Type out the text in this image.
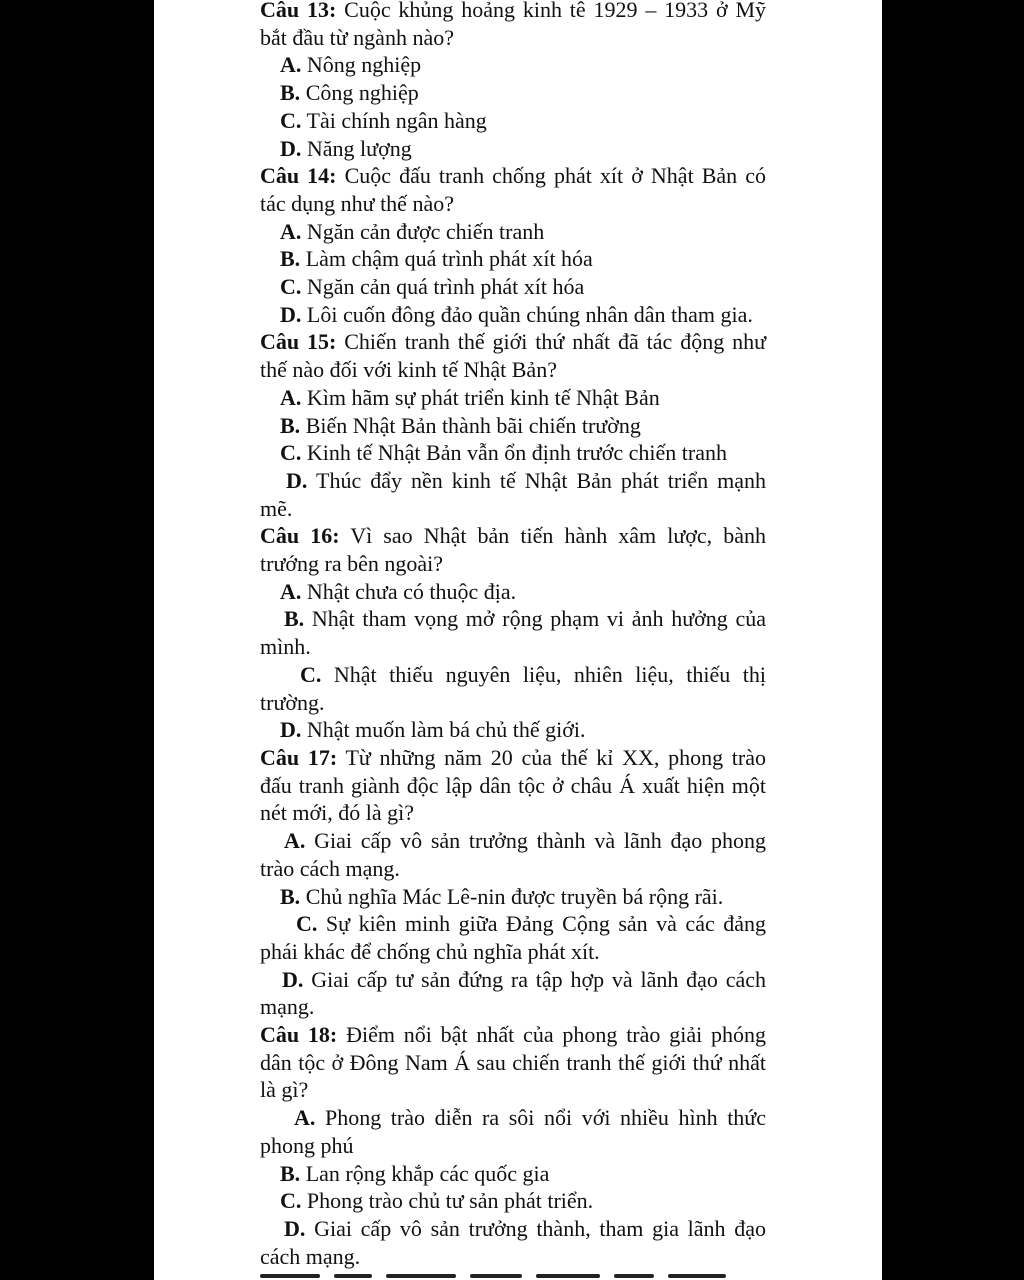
Câu 13: Cuộc khủng hoảng kinh tê 1929 – 1933 ở Mỹ bắt đầu từ ngành nào?

A. Nông nghiệp

B. Công nghiệp

C. Tài chính ngân hàng

D. Năng lượng

Câu 14: Cuộc đấu tranh chống phát xít ở Nhật Bản có tác dụng như thế nào?

A. Ngăn cản được chiến tranh

B. Làm chậm quá trình phát xít hóa

C. Ngăn cản quá trình phát xít hóa

D. Lôi cuốn đông đảo quần chúng nhân dân tham gia.

Câu 15: Chiến tranh thế giới thứ nhất đã tác động như thế nào đối với kinh tế Nhật Bản?

A. Kìm hãm sự phát triển kinh tế Nhật Bản

B. Biến Nhật Bản thành bãi chiến trường

C. Kinh tế Nhật Bản vẫn ổn định trước chiến tranh

D. Thúc đẩy nền kinh tế Nhật Bản phát triển mạnh mẽ.

Câu 16: Vì sao Nhật bản tiến hành xâm lược, bành trướng ra bên ngoài?

A. Nhật chưa có thuộc địa.

B. Nhật tham vọng mở rộng phạm vi ảnh hưởng của mình.

C. Nhật thiếu nguyên liệu, nhiên liệu, thiếu thị trường.

D. Nhật muốn làm bá chủ thế giới.

Câu 17: Từ những năm 20 của thế kỉ XX, phong trào đấu tranh giành độc lập dân tộc ở châu Á xuất hiện một nét mới, đó là gì?

A. Giai cấp vô sản trưởng thành và lãnh đạo phong trào cách mạng.

B. Chủ nghĩa Mác Lê-nin được truyền bá rộng rãi.

C. Sự kiên minh giữa Đảng Cộng sản và các đảng phái khác để chống chủ nghĩa phát xít.

D. Giai cấp tư sản đứng ra tập hợp và lãnh đạo cách mạng.

Câu 18: Điểm nổi bật nhất của phong trào giải phóng dân tộc ở Đông Nam Á sau chiến tranh thế giới thứ nhất là gì?

A. Phong trào diễn ra sôi nổi với nhiều hình thức phong phú

B. Lan rộng khắp các quốc gia

C. Phong trào chủ tư sản phát triển.

D. Giai cấp vô sản trưởng thành, tham gia lãnh đạo cách mạng.
